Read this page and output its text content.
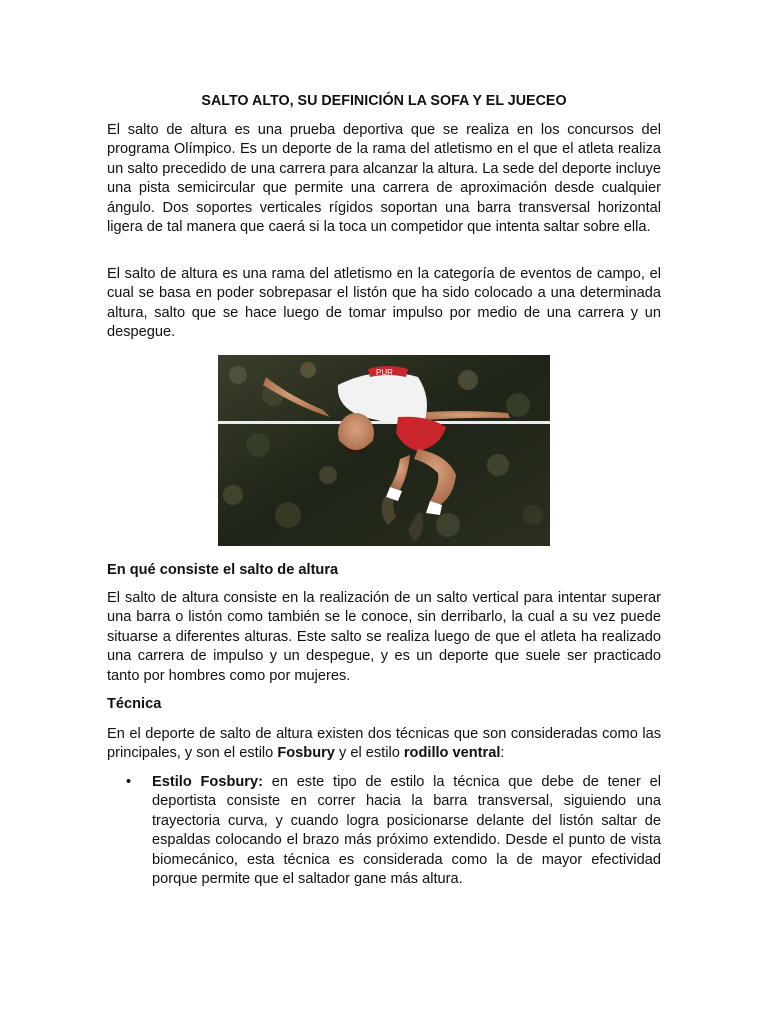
SALTO ALTO, SU DEFINICIÓN LA SOFA Y EL JUECEO

El salto de altura es una prueba deportiva que se realiza en los concursos del programa Olímpico. Es un deporte de la rama del atletismo en el que el atleta realiza un salto precedido de una carrera para alcanzar la altura. La sede del deporte incluye una pista semicircular que permite una carrera de aproximación desde cualquier ángulo. Dos soportes verticales rígidos soportan una barra transversal horizontal ligera de tal manera que caerá si la toca un competidor que intenta saltar sobre ella.

El salto de altura es una rama del atletismo en la categoría de eventos de campo, el cual se basa en poder sobrepasar el listón que ha sido colocado a una determinada altura, salto que se hace luego de tomar impulso por medio de una carrera y un despegue.

PUR
En qué consiste el salto de altura

El salto de altura consiste en la realización de un salto vertical para intentar superar una barra o listón como también se le conoce, sin derribarlo, la cual a su vez puede situarse a diferentes alturas. Este salto se realiza luego de que el atleta ha realizado una carrera de impulso y un despegue, y es un deporte que suele ser practicado tanto por hombres como por mujeres.

Técnica

En el deporte de salto de altura existen dos técnicas que son consideradas como las principales, y son el estilo Fosbury y el estilo rodillo ventral:

• Estilo Fosbury: en este tipo de estilo la técnica que debe de tener el deportista consiste en correr hacia la barra transversal, siguiendo una trayectoria curva, y cuando logra posicionarse delante del listón saltar de espaldas colocando el brazo más próximo extendido. Desde el punto de vista biomecánico, esta técnica es considerada como la de mayor efectividad porque permite que el saltador gane más altura.
